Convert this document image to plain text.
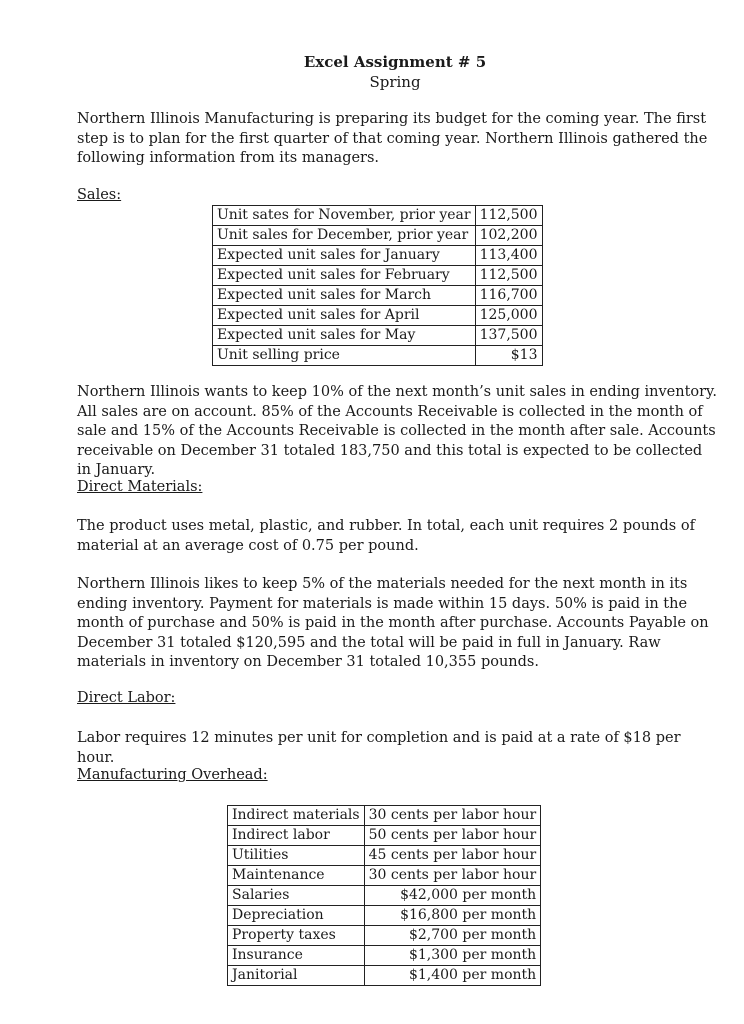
Excel Assignment # 5
Spring

Northern Illinois Manufacturing is preparing its budget for the coming year. The first step is to plan for the first quarter of that coming year. Northern Illinois gathered the following information from its managers.

Sales:

Unit sates for November, prior year	112,500
Unit sales for December, prior year	102,200
Expected unit sales for January	113,400
Expected unit sales for February	112,500
Expected unit sales for March	116,700
Expected unit sales for April	125,000
Expected unit sales for May	137,500
Unit selling price	$13

Northern Illinois wants to keep 10% of the next month’s unit sales in ending inventory. All sales are on account. 85% of the Accounts Receivable is collected in the month of sale and 15% of the Accounts Receivable is collected in the month after sale. Accounts receivable on December 31 totaled 183,750 and this total is expected to be collected in January.

Direct Materials:

The product uses metal, plastic, and rubber. In total, each unit requires 2 pounds of material at an average cost of 0.75 per pound.

Northern Illinois likes to keep 5% of the materials needed for the next month in its ending inventory. Payment for materials is made within 15 days. 50% is paid in the month of purchase and 50% is paid in the month after purchase. Accounts Payable on December 31 totaled $120,595 and the total will be paid in full in January. Raw materials in inventory on December 31 totaled 10,355 pounds.

Direct Labor:

Labor requires 12 minutes per unit for completion and is paid at a rate of $18 per hour.

Manufacturing Overhead:

Indirect materials	30 cents per labor hour
Indirect labor	50 cents per labor hour
Utilities	45 cents per labor hour
Maintenance	30 cents per labor hour
Salaries	$42,000 per month
Depreciation	$16,800 per month
Property taxes	$2,700 per month
Insurance	$1,300 per month
Janitorial	$1,400 per month
